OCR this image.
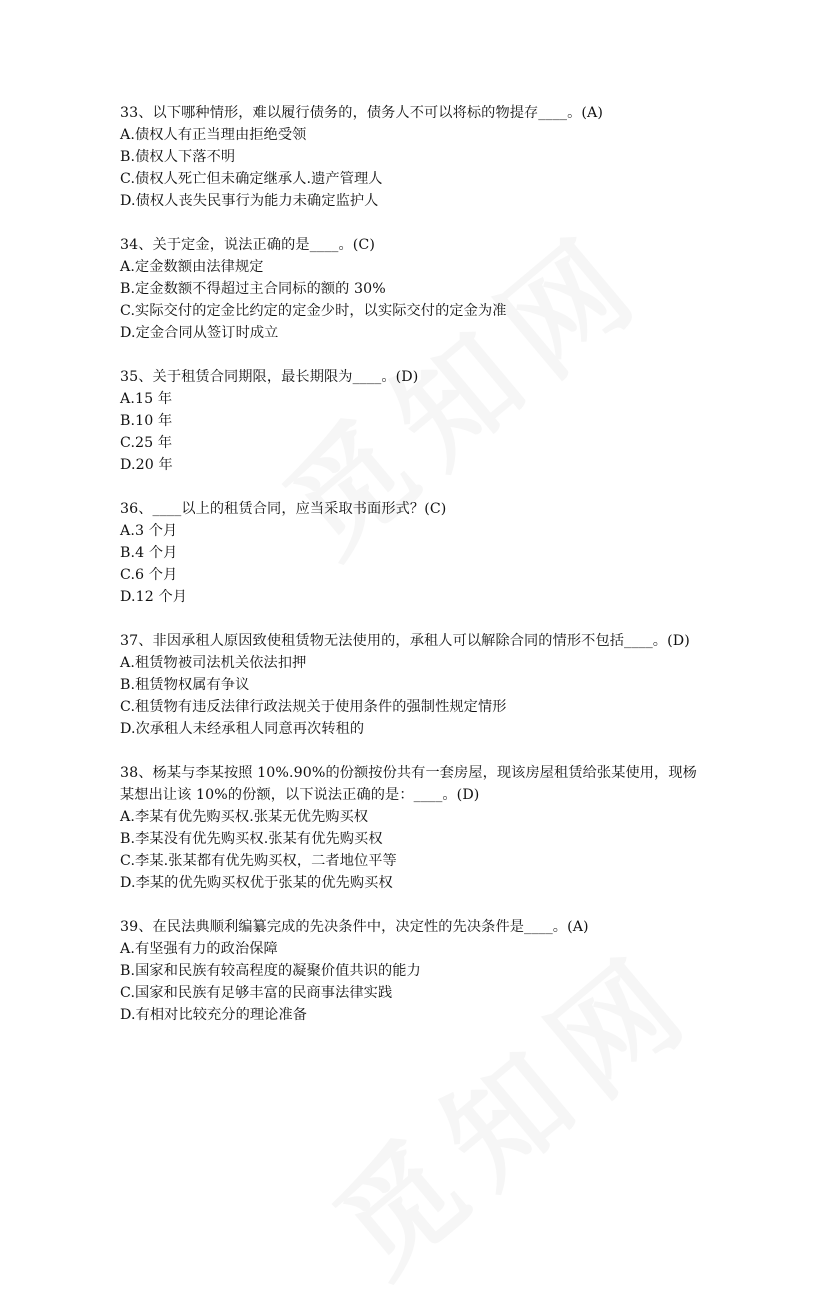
33、以下哪种情形，难以履行债务的，债务人不可以将标的物提存____。(A)
A.债权人有正当理由拒绝受领
B.债权人下落不明
C.债权人死亡但未确定继承人.遗产管理人
D.债权人丧失民事行为能力未确定监护人
34、关于定金，说法正确的是____。(C)
A.定金数额由法律规定
B.定金数额不得超过主合同标的额的 30%
C.实际交付的定金比约定的定金少时，以实际交付的定金为准
D.定金合同从签订时成立
35、关于租赁合同期限，最长期限为____。(D)
A.15 年
B.10 年
C.25 年
D.20 年
36、____以上的租赁合同，应当采取书面形式？(C)
A.3 个月
B.4 个月
C.6 个月
D.12 个月
37、非因承租人原因致使租赁物无法使用的，承租人可以解除合同的情形不包括____。(D)
A.租赁物被司法机关依法扣押
B.租赁物权属有争议
C.租赁物有违反法律行政法规关于使用条件的强制性规定情形
D.次承租人未经承租人同意再次转租的
38、杨某与李某按照 10%.90%的份额按份共有一套房屋，现该房屋租赁给张某使用，现杨某想出让该 10%的份额，以下说法正确的是：____。(D)
A.李某有优先购买权.张某无优先购买权
B.李某没有优先购买权.张某有优先购买权
C.李某.张某都有优先购买权，二者地位平等
D.李某的优先购买权优于张某的优先购买权
39、在民法典顺利编纂完成的先决条件中，决定性的先决条件是____。(A)
A.有坚强有力的政治保障
B.国家和民族有较高程度的凝聚价值共识的能力
C.国家和民族有足够丰富的民商事法律实践
D.有相对比较充分的理论准备
